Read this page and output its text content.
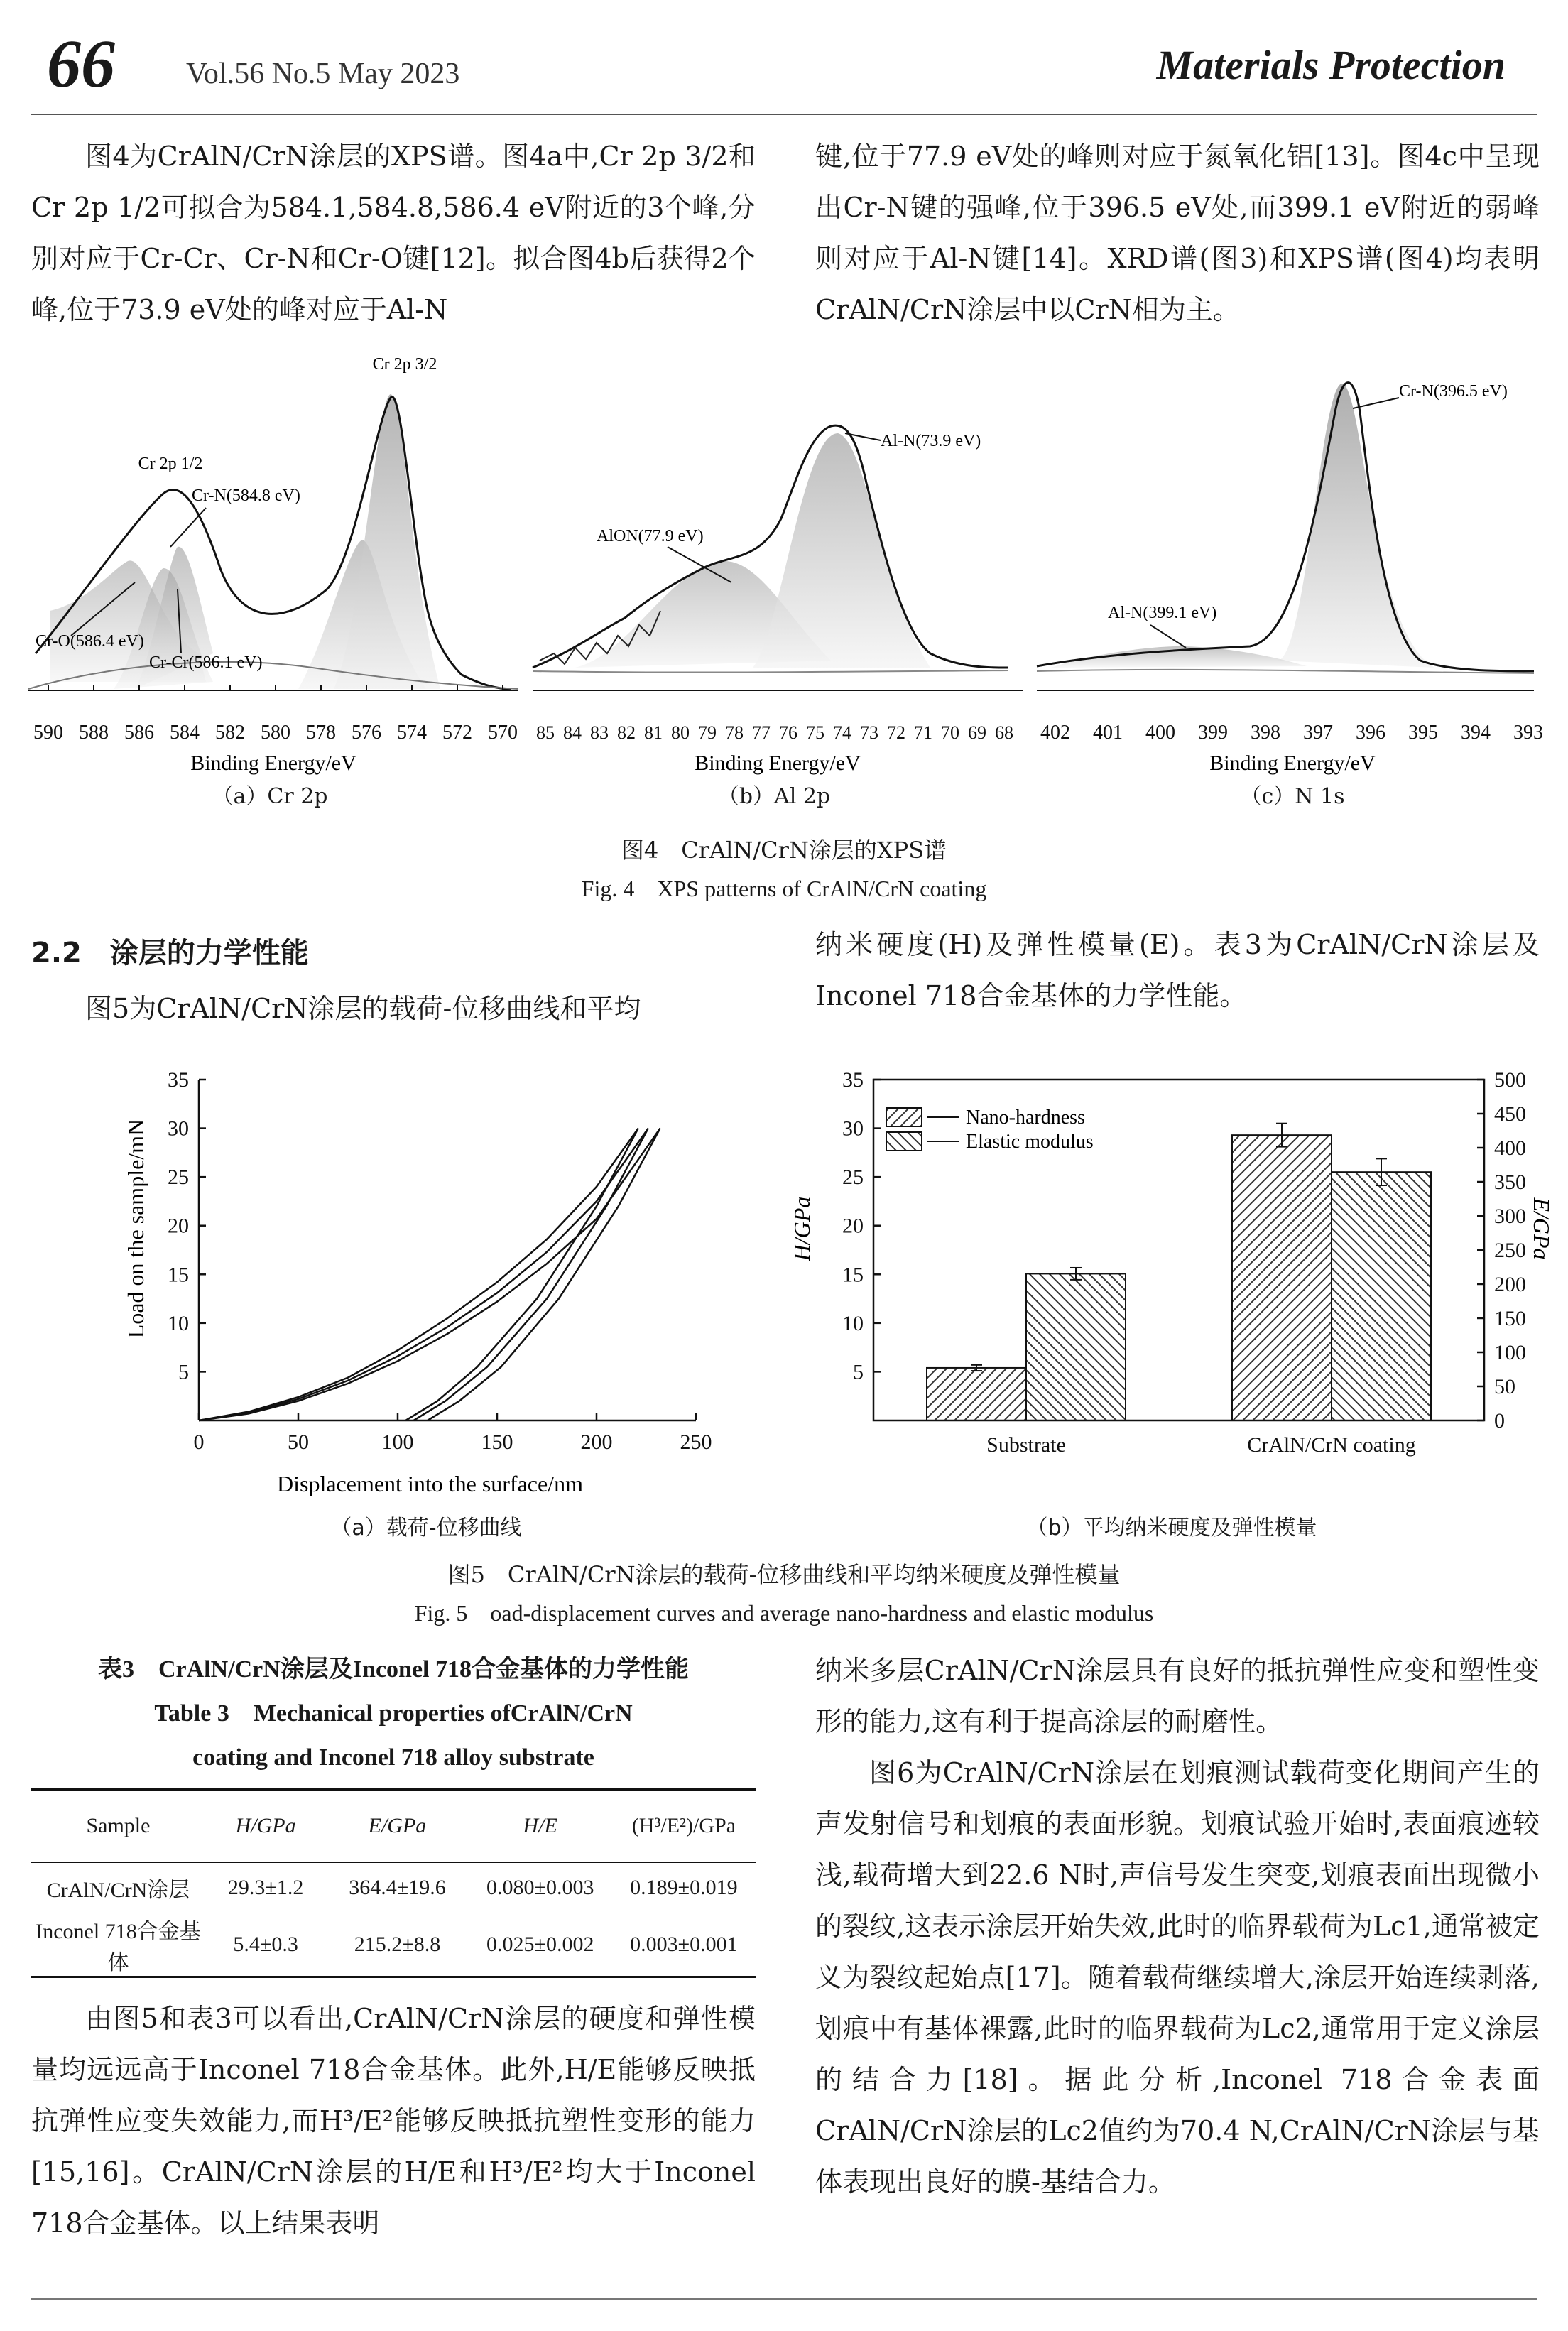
66 Vol.56 No.5 May 2023	Materials Protection

图4为CrAlN/CrN涂层的XPS谱。图4a中,Cr 2p 3/2和Cr 2p 1/2可拟合为584.1,584.8,586.4 eV附近的3个峰,分别对应于Cr-Cr、Cr-N和Cr-O键[12]。拟合图4b后获得2个峰,位于73.9 eV处的峰对应于Al-N

键,位于77.9 eV处的峰则对应于氮氧化铝[13]。图4c中呈现出Cr-N键的强峰,位于396.5 eV处,而399.1 eV附近的弱峰则对应于Al-N键[14]。XRD谱(图3)和XPS谱(图4)均表明CrAlN/CrN涂层中以CrN相为主。

590 588 586 584 582 580 578 576 574 572 570
Binding Energy/eV
Cr 2p 3/2
Cr 2p 1/2
Cr-N(584.8 eV)
Cr-O(586.4 eV)
Cr-Cr(586.1 eV)
85 84 83 82 81 80 79 78 77 76 75 74 73 72 71 70 69 68
Binding Energy/eV
Al-N(73.9 eV)
AlON(77.9 eV)
402 401 400 399 398 397 396 395 394 393
Binding Energy/eV
Cr-N(396.5 eV)
Al-N(399.1 eV)
（a）Cr 2p	（b）Al 2p	（c）N 1s
图4　CrAlN/CrN涂层的XPS谱
Fig. 4　XPS patterns of CrAlN/CrN coating
2.2　涂层的力学性能

图5为CrAlN/CrN涂层的载荷-位移曲线和平均

纳米硬度(H)及弹性模量(E)。表3为CrAlN/CrN涂层及Inconel 718合金基体的力学性能。

0	50	100	150	200	250
5
10
15
20
25
30
35
Displacement into the surface/nm
Load on the sample/mN
5
10
15
20
25
30
35
0
50
100
150
200
250
300
350
400
450
500
Substrate	CrAlN/CrN coating
H/GPa	E/GPa
Nano-hardness
Elastic modulus
（a）载荷-位移曲线	（b）平均纳米硬度及弹性模量
图5　CrAlN/CrN涂层的载荷-位移曲线和平均纳米硬度及弹性模量
Fig. 5　oad-displacement curves and average nano-hardness and elastic modulus
表3　CrAlN/CrN涂层及Inconel 718合金基体的力学性能
Table 3　Mechanical properties ofCrAlN/CrN
coating and Inconel 718 alloy substrate
Sample	H/GPa	E/GPa	H/E	(H³/E²)/GPa
CrAlN/CrN涂层	29.3±1.2	364.4±19.6	0.080±0.003	0.189±0.019
Inconel 718合金基体	5.4±0.3	215.2±8.8	0.025±0.002	0.003±0.001

由图5和表3可以看出,CrAlN/CrN涂层的硬度和弹性模量均远远高于Inconel 718合金基体。此外,H/E能够反映抵抗弹性应变失效能力,而H³/E²能够反映抵抗塑性变形的能力[15,16]。CrAlN/CrN涂层的H/E和H³/E²均大于Inconel 718合金基体。以上结果表明

纳米多层CrAlN/CrN涂层具有良好的抵抗弹性应变和塑性变形的能力,这有利于提高涂层的耐磨性。

图6为CrAlN/CrN涂层在划痕测试载荷变化期间产生的声发射信号和划痕的表面形貌。划痕试验开始时,表面痕迹较浅,载荷增大到22.6 N时,声信号发生突变,划痕表面出现微小的裂纹,这表示涂层开始失效,此时的临界载荷为Lc1,通常被定义为裂纹起始点[17]。随着载荷继续增大,涂层开始连续剥落,划痕中有基体裸露,此时的临界载荷为Lc2,通常用于定义涂层的结合力[18]。据此分析,Inconel 718合金表面CrAlN/CrN涂层的Lc2值约为70.4 N,CrAlN/CrN涂层与基体表现出良好的膜-基结合力。
